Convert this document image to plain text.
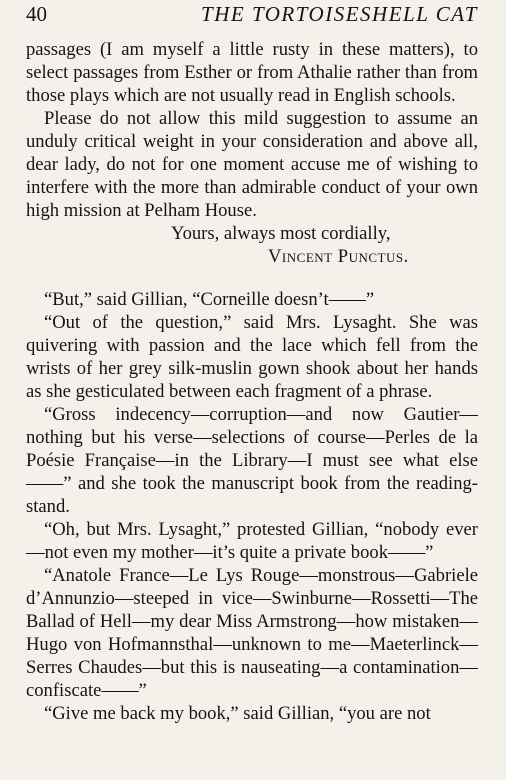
40	THE TORTOISESHELL CAT

passages (I am myself a little rusty in these matters), to select passages from Esther or from Athalie rather than from those plays which are not usually read in English schools.

Please do not allow this mild suggestion to assume an unduly critical weight in your consideration and above all, dear lady, do not for one moment accuse me of wishing to interfere with the more than admirable conduct of your own high mission at Pelham House.

Yours, always most cordially,
Vincent Punctus.

“But,” said Gillian, “Corneille doesn’t——”

“Out of the question,” said Mrs. Lysaght. She was quivering with passion and the lace which fell from the wrists of her grey silk-muslin gown shook about her hands as she gesticulated between each fragment of a phrase.

“Gross indecency—corruption—and now Gautier—nothing but his verse—selections of course—Perles de la Poésie Française—in the Library—I must see what else——” and she took the manuscript book from the reading-stand.

“Oh, but Mrs. Lysaght,” protested Gillian, “nobody ever—not even my mother—it’s quite a private book——”

“Anatole France—Le Lys Rouge—monstrous—Gabriele d’Annunzio—steeped in vice—Swinburne—Rossetti—The Ballad of Hell—my dear Miss Armstrong—how mistaken—Hugo von Hofmannsthal—unknown to me—Maeterlinck—Serres Chaudes—but this is nauseating—a contamination—confiscate——”

“Give me back my book,” said Gillian, “you are not
